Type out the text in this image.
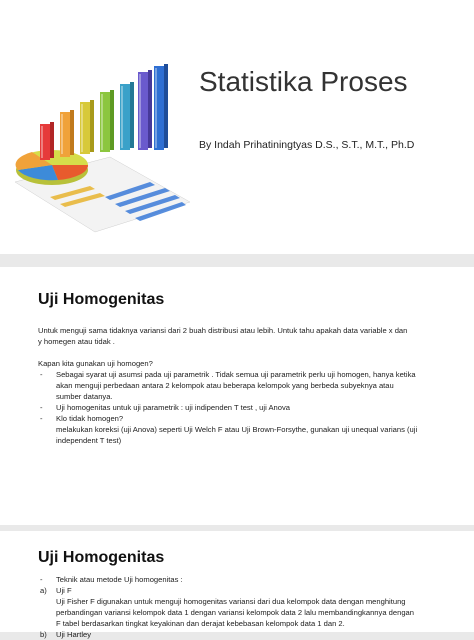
Statistika Proses
By Indah Prihatiningtyas D.S., S.T., M.T., Ph.D
Uji Homogenitas

Untuk menguji sama tidaknya variansi dari 2 buah distribusi atau lebih. Untuk tahu apakah data variable x dan

y homegen atau tidak .

Kapan kita gunakan uji homogen?

- Sebagai syarat uji asumsi pada uji parametrik . Tidak semua uji parametrik perlu uji homogen, hanya ketika

akan menguji perbedaan antara 2 kelompok atau beberapa kelompok yang berbeda subyeknya atau

sumber datanya.

- Uji homogenitas untuk uji parametrik : uji indipenden T test , uji Anova

- Klo tidak homogen?

melakukan koreksi (uji Anova) seperti Uji Welch F atau Uji Brown-Forsythe, gunakan uji unequal varians (uji

independent T test)

Uji Homogenitas
- Teknik atau metode Uji homogenitas :

a) Uji F

Uji Fisher F digunakan untuk menguji homogenitas variansi dari dua kelompok data dengan menghitung

perbandingan variansi kelompok data 1 dengan variansi kelompok data 2 lalu membandingkannya dengan

F tabel berdasarkan tingkat keyakinan dan derajat kebebasan kelompok data 1 dan 2.

b) Uji Hartley
